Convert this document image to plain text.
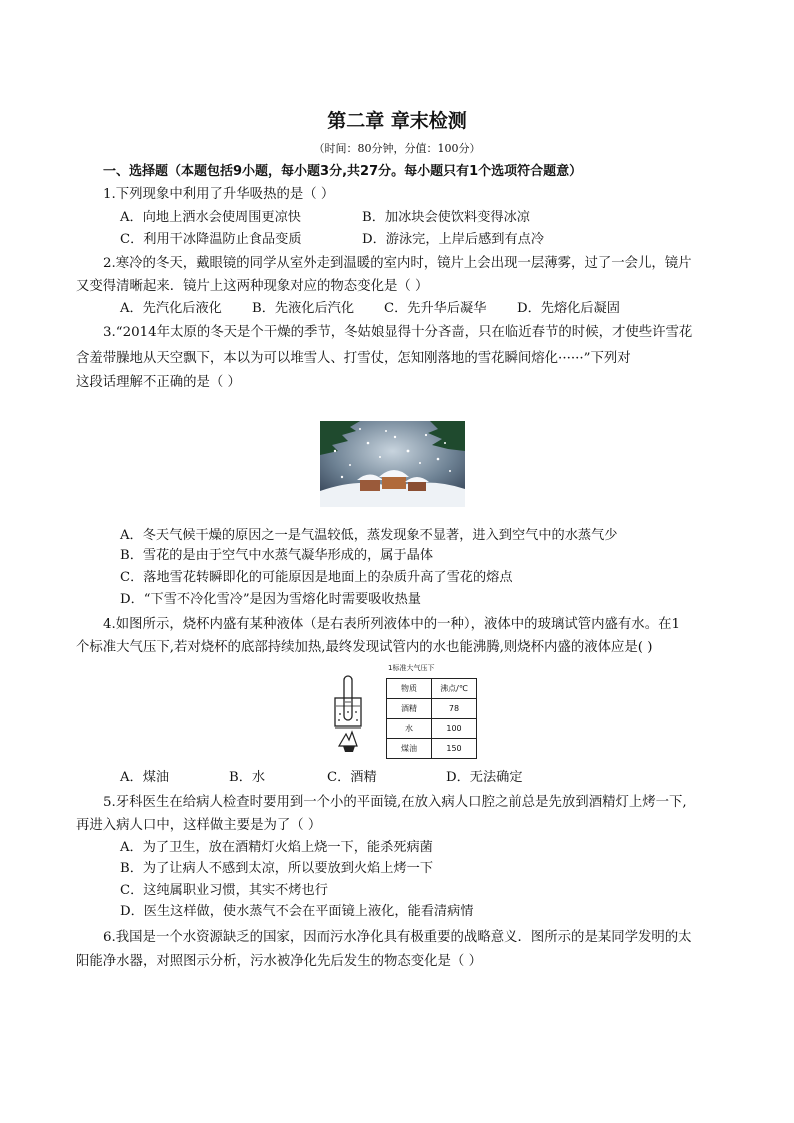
第二章 章末检测
（时间：80分钟，分值：100分）
一、选择题（本题包括9小题，每小题3分,共27分。每小题只有1个选项符合题意）
1.下列现象中利用了升华吸热的是（ ）
A．向地上洒水会使周围更凉快	B．加冰块会使饮料变得冰凉
C．利用干冰降温防止食品变质	D．游泳完，上岸后感到有点冷
2.寒冷的冬天，戴眼镜的同学从室外走到温暖的室内时，镜片上会出现一层薄雾，过了一会儿，镜片
又变得清晰起来．镜片上这两种现象对应的物态变化是（ ）
A．先汽化后液化 B．先液化后汽化 C．先升华后凝华 D．先熔化后凝固
3.“2014年太原的冬天是个干燥的季节，冬姑娘显得十分吝啬，只在临近春节的时候，才使些许雪花
含羞带臊地从天空飘下，本以为可以堆雪人、打雪仗，怎知刚落地的雪花瞬间熔化······”下列对
这段话理解不正确的是（ ）
A．冬天气候干燥的原因之一是气温较低，蒸发现象不显著，进入到空气中的水蒸气少
B．雪花的是由于空气中水蒸气凝华形成的，属于晶体
C．落地雪花转瞬即化的可能原因是地面上的杂质升高了雪花的熔点
D．“下雪不冷化雪冷”是因为雪熔化时需要吸收热量
4.如图所示，烧杯内盛有某种液体（是右表所列液体中的一种），液体中的玻璃试管内盛有水。在1
个标准大气压下,若对烧杯的底部持续加热,最终发现试管内的水也能沸腾,则烧杯内盛的液体应是( )
1标准大气压下
物质	沸点/℃
酒精	78
水	100
煤油	150
A．煤油	B．水	C．酒精	D．无法确定
5.牙科医生在给病人检查时要用到一个小的平面镜,在放入病人口腔之前总是先放到酒精灯上烤一下,
再进入病人口中，这样做主要是为了（ ）
A．为了卫生，放在酒精灯火焰上烧一下，能杀死病菌
B．为了让病人不感到太凉，所以要放到火焰上烤一下
C．这纯属职业习惯，其实不烤也行
D．医生这样做，使水蒸气不会在平面镜上液化，能看清病情
6.我国是一个水资源缺乏的国家，因而污水净化具有极重要的战略意义．图所示的是某同学发明的太
阳能净水器，对照图示分析，污水被净化先后发生的物态变化是（ ）
